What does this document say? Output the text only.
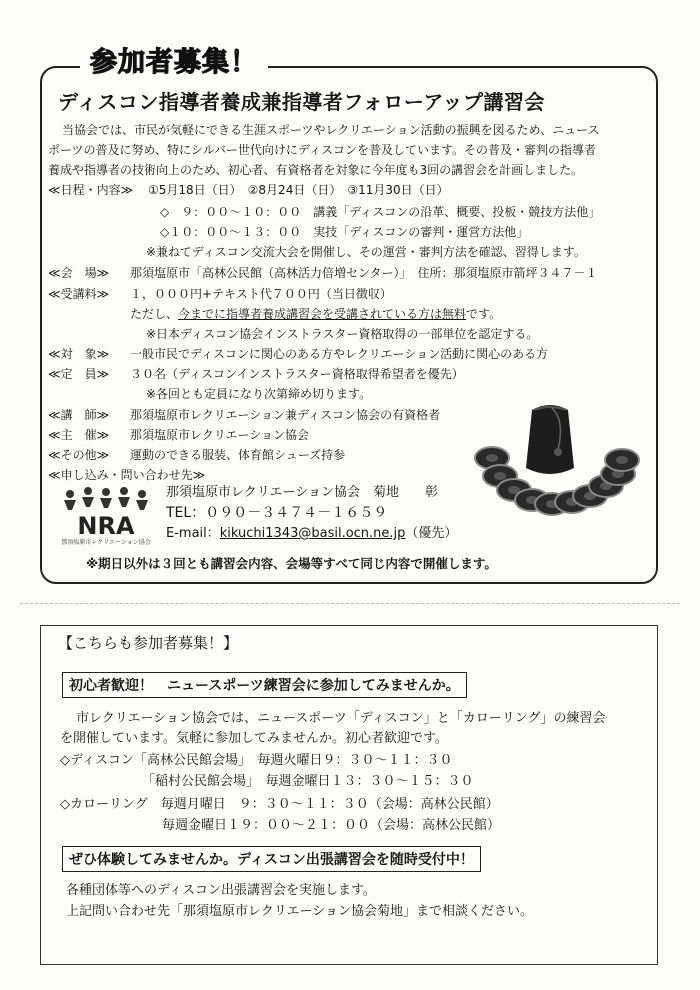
参加者募集！
ディスコン指導者養成兼指導者フォローアップ講習会
当協会では、市民が気軽にできる生涯スポーツやレクリエーション活動の振興を図るため、ニュース
ポーツの普及に努め、特にシルバー世代向けにディスコンを普及しています。その普及・審判の指導者
養成や指導者の技術向上のため、初心者、有資格者を対象に今年度も3回の講習会を計画しました。
≪日程・内容≫ ①5月18日（日）　②8月24日（日）　③11月30日（日）
◇　９：００〜１０：００　講義「ディスコンの沿革、概要、投板・競技方法他」
◇１０：００〜１３：００　実技「ディスコンの審判・運営方法他」
※兼ねてディスコン交流大会を開催し、その運営・審判方法を確認、習得します。
≪会　場≫ 那須塩原市「高林公民館（高林活力倍増センター）」　住所：那須塩原市箭坪３４７－１
≪受講料≫ １，０００円+テキスト代７００円（当日徴収）
ただし、今までに指導者養成講習会を受講されている方は無料です。
※日本ディスコン協会インストラスター資格取得の一部単位を認定する。
≪対　象≫ 一般市民でディスコンに関心のある方やレクリエーション活動に関心のある方
≪定　員≫ ３０名（ディスコンインストラスター資格取得希望者を優先）
※各回とも定員になり次第締め切ります。
≪講　師≫ 那須塩原市レクリエーション兼ディスコン協会の有資格者
≪主　催≫ 那須塩原市レクリエーション協会
≪その他≫ 運動のできる服装、体育館シューズ持参
≪申し込み・問い合わせ先≫
NRA
那須塩原市レクリエーション協会
那須塩原市レクリエーション協会　菊地　　彰
TEL：０９０－３４７４－１６５９
E-mail：kikuchi1343@basil.ocn.ne.jp（優先）
※期日以外は３回とも講習会内容、会場等すべて同じ内容で開催します。
【こちらも参加者募集！】
初心者歓迎！　ニュースポーツ練習会に参加してみませんか。
市レクリエーション協会では、ニュースポーツ「ディスコン」と「カローリング」の練習会
を開催しています。気軽に参加してみませんか。初心者歓迎です。
◇ディスコン「高林公民館会場」　毎週火曜日９：３０〜１１：３０
「稲村公民館会場」　毎週金曜日１３：３０〜１５：３０
◇カローリング　毎週月曜日　９：３０〜１１：３０（会場：高林公民館）
毎週金曜日１９：００〜２１：００（会場：高林公民館）
ぜひ体験してみませんか。ディスコン出張講習会を随時受付中！
各種団体等へのディスコン出張講習会を実施します。
上記問い合わせ先「那須塩原市レクリエーション協会菊地」まで相談ください。
